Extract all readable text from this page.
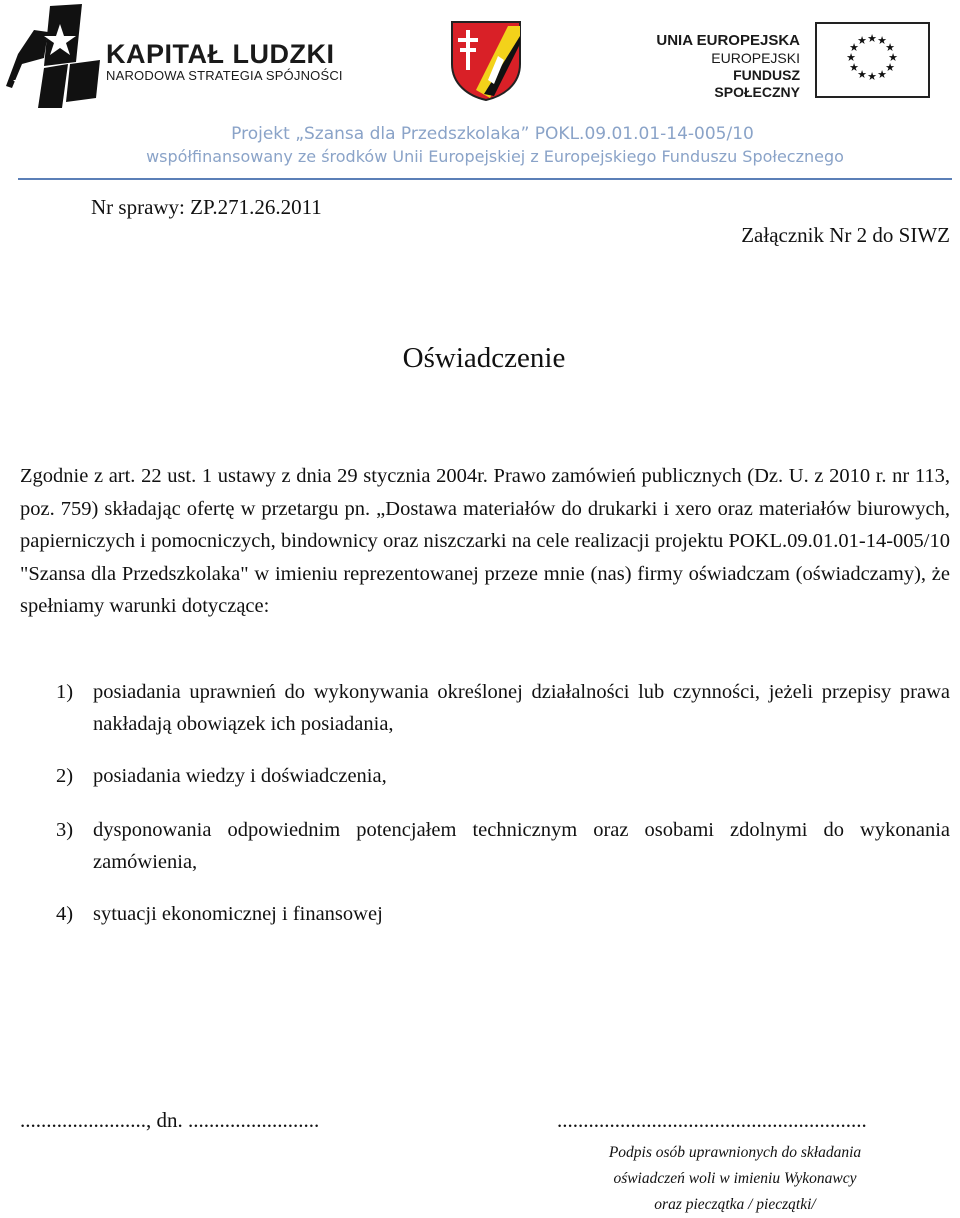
KAPITAŁ LUDZKI
NARODOWA STRATEGIA SPÓJNOŚCI
UNIA EUROPEJSKA
EUROPEJSKI
FUNDUSZ SPOŁECZNY
★ ★
★
★
★
★
★
★
★
★
★
★
Projekt „Szansa dla Przedszkolaka” POKL.09.01.01-14-005/10
współfinansowany ze środków Unii Europejskiej z Europejskiego Funduszu Społecznego
Nr sprawy: ZP.271.26.2011
Załącznik Nr 2 do SIWZ
Oświadczenie
Zgodnie z art. 22 ust. 1 ustawy z dnia 29 stycznia 2004r. Prawo zamówień publicznych (Dz. U. z 2010 r. nr 113, poz. 759) składając ofertę w przetargu pn. „Dostawa materiałów do drukarki i xero oraz materiałów biurowych, papierniczych i pomocniczych, bindownicy oraz niszczarki na cele realizacji projektu POKL.09.01.01-14-005/10 "Szansa dla Przedszkolaka" w imieniu reprezentowanej przeze mnie (nas) firmy oświadczam (oświadczamy), że spełniamy warunki dotyczące:
1) posiadania uprawnień do wykonywania określonej działalności lub czynności, jeżeli przepisy prawa nakładają obowiązek ich posiadania,
2) posiadania wiedzy i doświadczenia,
3) dysponowania odpowiednim potencjałem technicznym oraz osobami zdolnymi do wykonania zamówienia,
4) sytuacji ekonomicznej i finansowej
........................, dn. .........................	...........................................................
Podpis osób uprawnionych do składania
oświadczeń woli w imieniu Wykonawcy
oraz pieczątka / pieczątki/
